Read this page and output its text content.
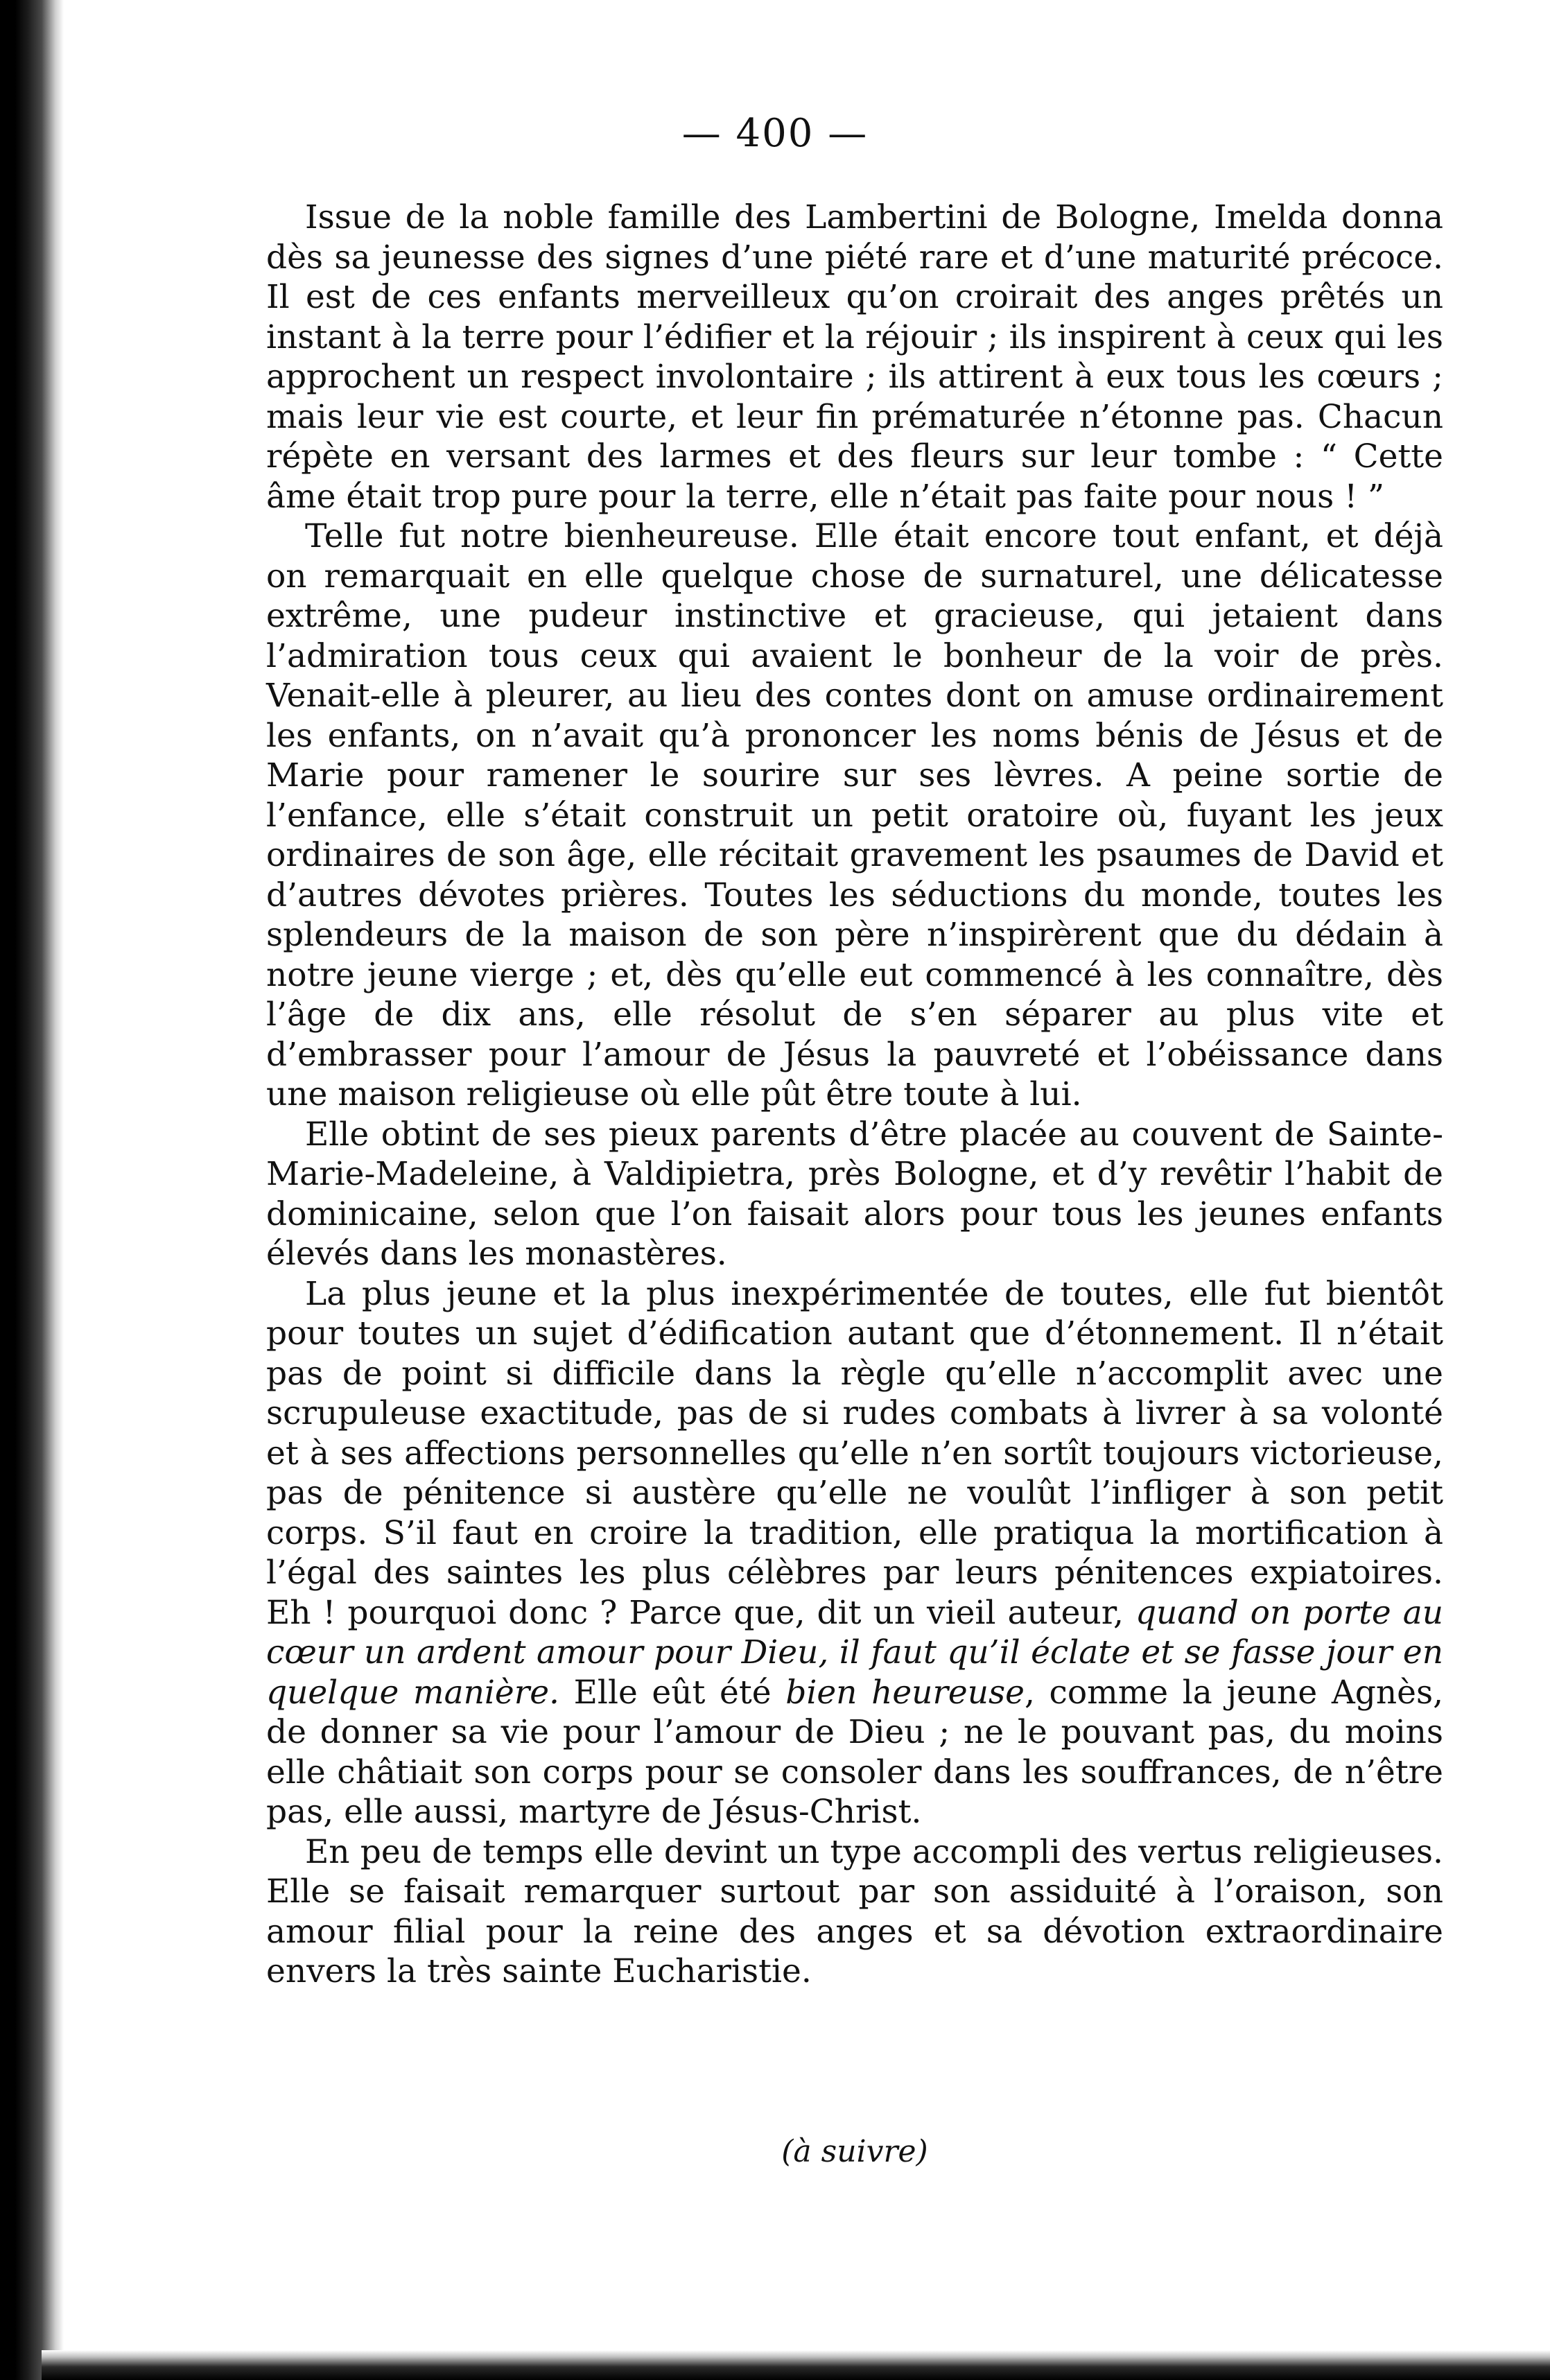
— 400 —

Issue de la noble famille des Lambertini de Bologne, Imelda donna dès sa jeunesse des signes d’une piété rare et d’une maturité précoce. Il est de ces enfants merveilleux qu’on croirait des anges prêtés un instant à la terre pour l’édifier et la réjouir ; ils inspirent à ceux qui les approchent un respect involontaire ; ils attirent à eux tous les cœurs ; mais leur vie est courte, et leur fin prématurée n’étonne pas. Chacun répète en versant des larmes et des fleurs sur leur tombe : “ Cette âme était trop pure pour la terre, elle n’était pas faite pour nous ! ”

Telle fut notre bienheureuse. Elle était encore tout enfant, et déjà on remarquait en elle quelque chose de surnaturel, une délicatesse extrême, une pudeur instinctive et gracieuse, qui jetaient dans l’admiration tous ceux qui avaient le bonheur de la voir de près. Venait-elle à pleurer, au lieu des contes dont on amuse ordinairement les enfants, on n’avait qu’à prononcer les noms bénis de Jésus et de Marie pour ramener le sourire sur ses lèvres. A peine sortie de l’enfance, elle s’était construit un petit oratoire où, fuyant les jeux ordinaires de son âge, elle récitait gravement les psaumes de David et d’autres dévotes prières. Toutes les séductions du monde, toutes les splendeurs de la maison de son père n’inspirèrent que du dédain à notre jeune vierge ; et, dès qu’elle eut commencé à les connaître, dès l’âge de dix ans, elle résolut de s’en séparer au plus vite et d’embrasser pour l’amour de Jésus la pauvreté et l’obéissance dans une maison religieuse où elle pût être toute à lui.

Elle obtint de ses pieux parents d’être placée au couvent de Sainte-Marie-Madeleine, à Valdipietra, près Bologne, et d’y revêtir l’habit de dominicaine, selon que l’on faisait alors pour tous les jeunes enfants élevés dans les monastères.

La plus jeune et la plus inexpérimentée de toutes, elle fut bientôt pour toutes un sujet d’édification autant que d’étonnement. Il n’était pas de point si difficile dans la règle qu’elle n’accomplit avec une scrupuleuse exactitude, pas de si rudes combats à livrer à sa volonté et à ses affections personnelles qu’elle n’en sortît toujours victorieuse, pas de pénitence si austère qu’elle ne voulût l’infliger à son petit corps. S’il faut en croire la tradition, elle pratiqua la mortification à l’égal des saintes les plus célèbres par leurs pénitences expiatoires. Eh ! pourquoi donc ? Parce que, dit un vieil auteur, quand on porte au cœur un ardent amour pour Dieu, il faut qu’il éclate et se fasse jour en quelque manière. Elle eût été bien heureuse, comme la jeune Agnès, de donner sa vie pour l’amour de Dieu ; ne le pouvant pas, du moins elle châtiait son corps pour se consoler dans les souffrances, de n’être pas, elle aussi, martyre de Jésus-Christ.

En peu de temps elle devint un type accompli des vertus religieuses. Elle se faisait remarquer surtout par son assiduité à l’oraison, son amour filial pour la reine des anges et sa dévotion extraordinaire envers la très sainte Eucharistie.

(à suivre)
